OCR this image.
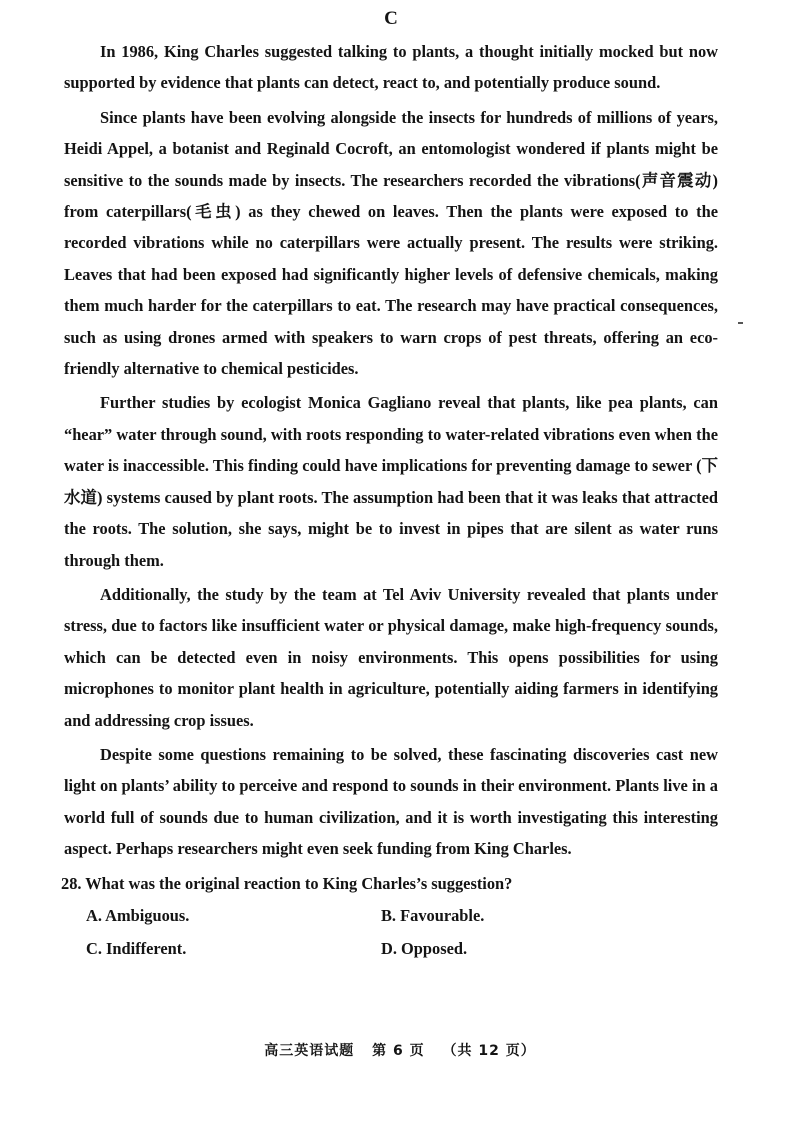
C

In 1986, King Charles suggested talking to plants, a thought initially mocked but now supported by evidence that plants can detect, react to, and potentially produce sound.

Since plants have been evolving alongside the insects for hundreds of millions of years, Heidi Appel, a botanist and Reginald Cocroft, an entomologist wondered if plants might be sensitive to the sounds made by insects. The researchers recorded the vibrations(声音震动) from caterpillars(毛虫) as they chewed on leaves. Then the plants were exposed to the recorded vibrations while no caterpillars were actually present. The results were striking. Leaves that had been exposed had significantly higher levels of defensive chemicals, making them much harder for the caterpillars to eat. The research may have practical consequences, such as using drones armed with speakers to warn crops of pest threats, offering an eco-friendly alternative to chemical pesticides.

Further studies by ecologist Monica Gagliano reveal that plants, like pea plants, can “hear” water through sound, with roots responding to water-related vibrations even when the water is inaccessible. This finding could have implications for preventing damage to sewer (下水道) systems caused by plant roots. The assumption had been that it was leaks that attracted the roots. The solution, she says, might be to invest in pipes that are silent as water runs through them.

Additionally, the study by the team at Tel Aviv University revealed that plants under stress, due to factors like insufficient water or physical damage, make high-frequency sounds, which can be detected even in noisy environments. This opens possibilities for using microphones to monitor plant health in agriculture, potentially aiding farmers in identifying and addressing crop issues.

Despite some questions remaining to be solved, these fascinating discoveries cast new light on plants’ ability to perceive and respond to sounds in their environment. Plants live in a world full of sounds due to human civilization, and it is worth investigating this interesting aspect. Perhaps researchers might even seek funding from King Charles.

28. What was the original reaction to King Charles’s suggestion?
A. Ambiguous.	B. Favourable.
C. Indifferent.	D. Opposed.
高三英语试题 第 6 页 （共 12 页）
